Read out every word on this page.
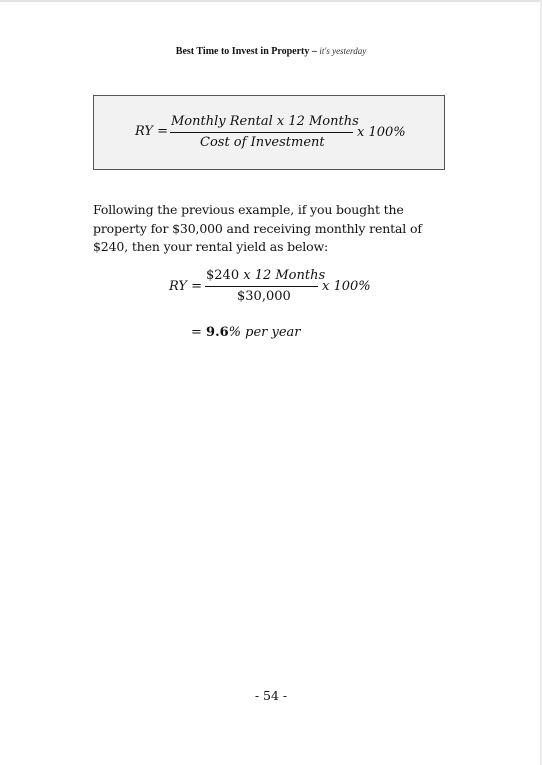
Best Time to Invest in Property – it's yesterday
RY =
Monthly Rental x 12 Months
Cost of Investment
x 100%
Following the previous example, if you bought the property for $30,000 and receiving monthly rental of $240, then your rental yield as below:
RY =
$240 x 12 Months
$30,000
x 100%
= 9.6% per year
- 54 -
